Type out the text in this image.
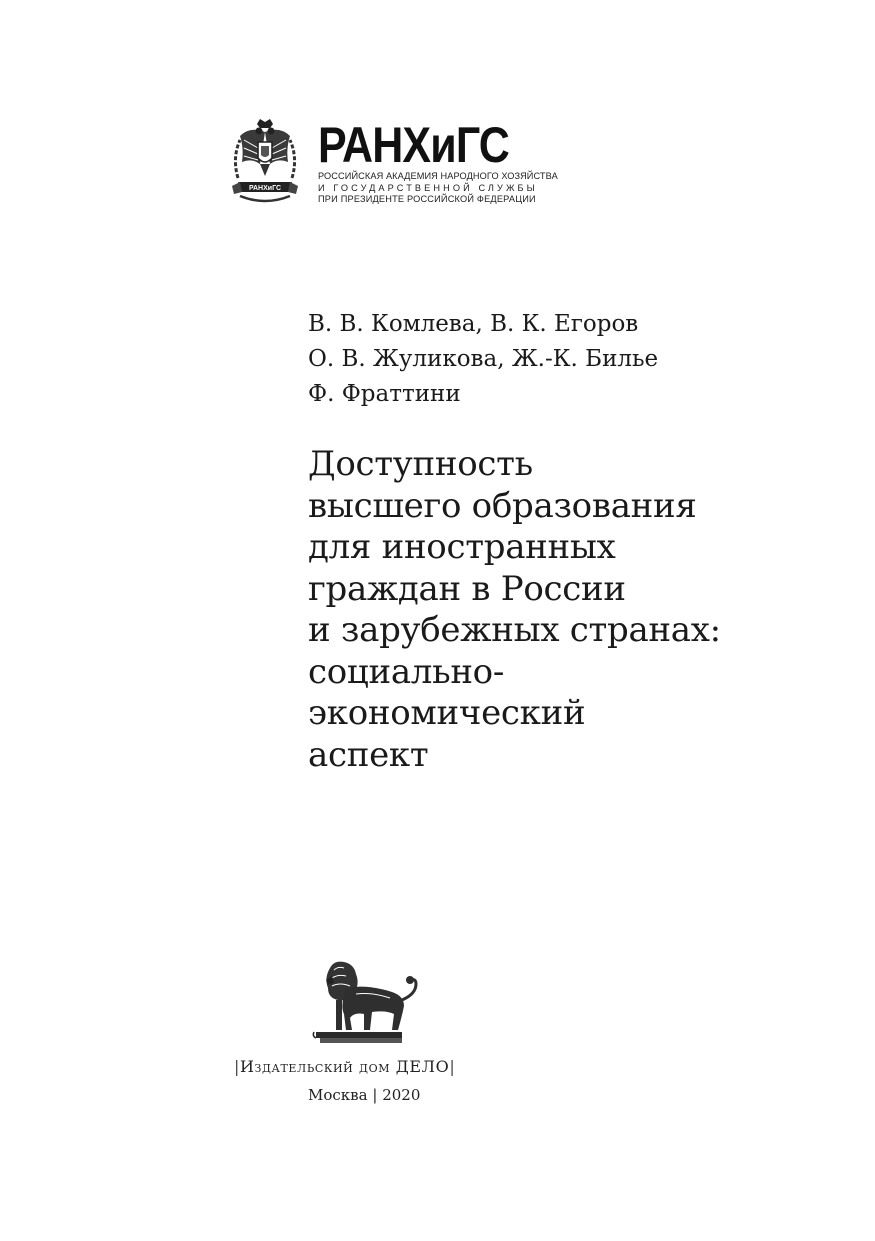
РАНХиГС
РАНХиГС
РОССИЙСКАЯ АКАДЕМИЯ НАРОДНОГО ХОЗЯЙСТВА
И ГОСУДАРСТВЕННОЙ СЛУЖБЫ
ПРИ ПРЕЗИДЕНТЕ РОССИЙСКОЙ ФЕДЕРАЦИИ
В. В. Комлева, В. К. Егоров
О. В. Жуликова, Ж.-К. Билье
Ф. Фраттини
Доступность
высшего образования
для иностранных
граждан в России
и зарубежных странах:
социально-
экономический
аспект
|Издательский дом ДЕЛО|
Москва | 2020
